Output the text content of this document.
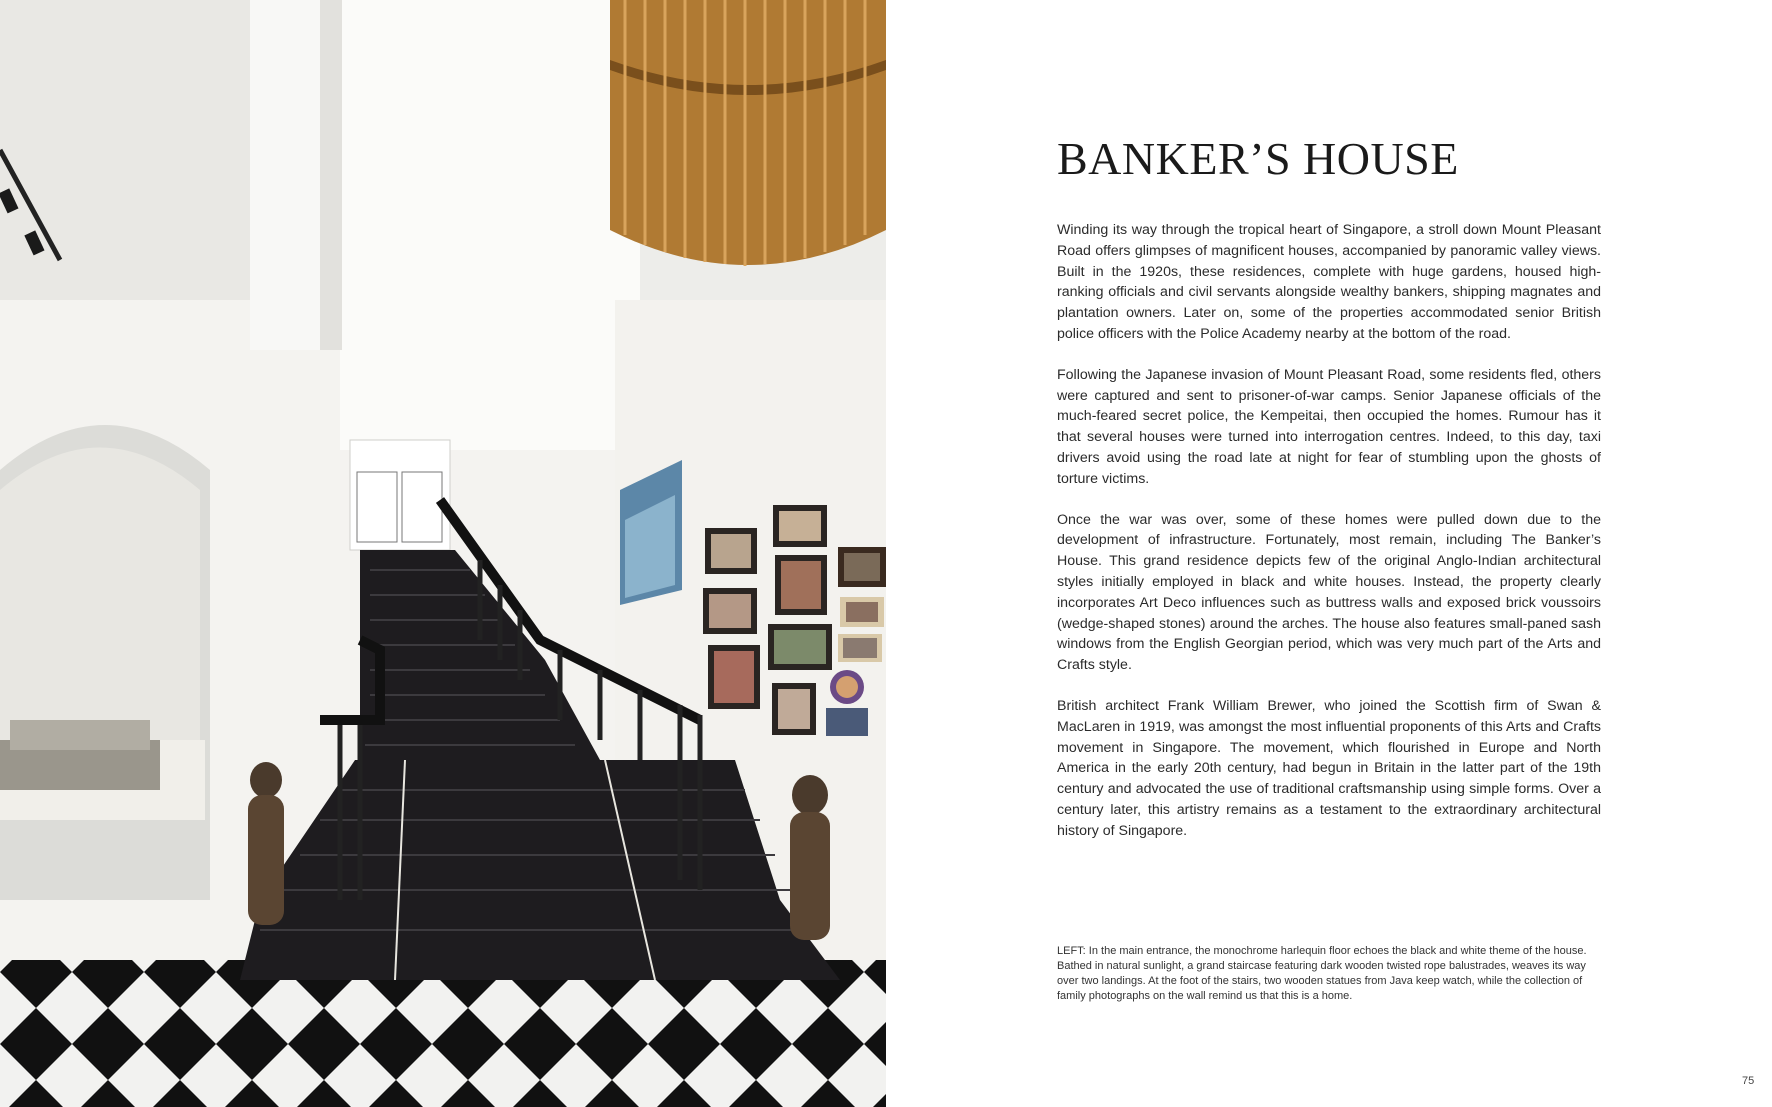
BANKER’S HOUSE

Winding its way through the tropical heart of Singapore, a stroll down Mount Pleasant Road offers glimpses of magnificent houses, accompanied by panoramic valley views. Built in the 1920s, these residences, complete with huge gardens, housed high-ranking officials and civil servants alongside wealthy bankers, shipping magnates and plantation owners. Later on, some of the properties accommodated senior British police officers with the Police Academy nearby at the bottom of the road.

Following the Japanese invasion of Mount Pleasant Road, some residents fled, others were captured and sent to prisoner-of-war camps. Senior Japanese officials of the much-feared secret police, the Kempeitai, then occupied the homes. Rumour has it that several houses were turned into interrogation centres. Indeed, to this day, taxi drivers avoid using the road late at night for fear of stumbling upon the ghosts of torture victims.

Once the war was over, some of these homes were pulled down due to the development of infrastructure. Fortunately, most remain, including The Banker’s House. This grand residence depicts few of the original Anglo-Indian architectural styles initially employed in black and white houses. Instead, the property clearly incorporates Art Deco influences such as buttress walls and exposed brick voussoirs (wedge-shaped stones) around the arches. The house also features small-paned sash windows from the English Georgian period, which was very much part of the Arts and Crafts style.

British architect Frank William Brewer, who joined the Scottish firm of Swan & MacLaren in 1919, was amongst the most influential proponents of this Arts and Crafts movement in Singapore. The movement, which flourished in Europe and North America in the early 20th century, had begun in Britain in the latter part of the 19th century and advocated the use of traditional craftsmanship using simple forms. Over a century later, this artistry remains as a testament to the extraordinary architectural history of Singapore.

LEFT: In the main entrance, the monochrome harlequin floor echoes the black and white theme of the house. Bathed in natural sunlight, a grand staircase featuring dark wooden twisted rope balustrades, weaves its way over two landings. At the foot of the stairs, two wooden statues from Java keep watch, while the collection of family photographs on the wall remind us that this is a home.

75
